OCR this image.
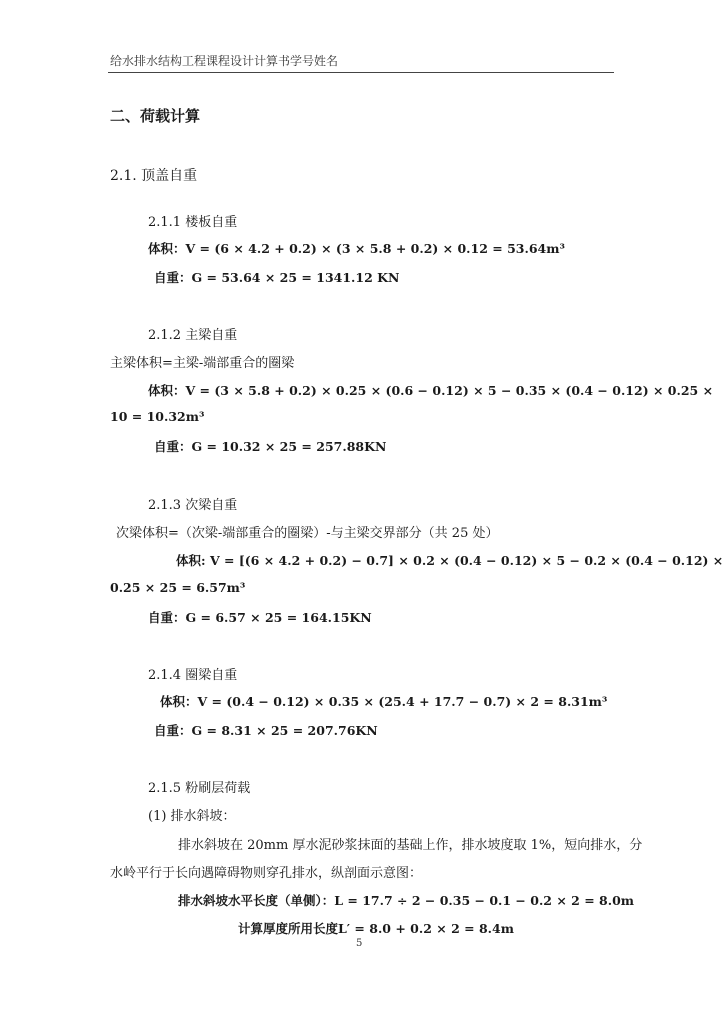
给水排水结构工程课程设计计算书学号姓名
二、荷载计算
2.1. 顶盖自重
2.1.1 楼板自重
体积：V = (6 × 4.2 + 0.2) × (3 × 5.8 + 0.2) × 0.12 = 53.64m³
自重：G = 53.64 × 25 = 1341.12 KN
2.1.2 主梁自重
主梁体积=主梁-端部重合的圈梁
体积：V = (3 × 5.8 + 0.2) × 0.25 × (0.6 − 0.12) × 5 − 0.35 × (0.4 − 0.12) × 0.25 ×
10 = 10.32m³
自重：G = 10.32 × 25 = 257.88KN
2.1.3 次梁自重
次梁体积=（次梁-端部重合的圈梁）-与主梁交界部分（共 25 处）
体积: V = [(6 × 4.2 + 0.2) − 0.7] × 0.2 × (0.4 − 0.12) × 5 − 0.2 × (0.4 − 0.12) ×
0.25 × 25 = 6.57m³
自重：G = 6.57 × 25 = 164.15KN
2.1.4 圈梁自重
体积：V = (0.4 − 0.12) × 0.35 × (25.4 + 17.7 − 0.7) × 2 = 8.31m³
自重：G = 8.31 × 25 = 207.76KN
2.1.5 粉刷层荷载
(1) 排水斜坡：
排水斜坡在 20mm 厚水泥砂浆抹面的基础上作，排水坡度取 1%，短向排水，分
水岭平行于长向遇障碍物则穿孔排水，纵剖面示意图：
排水斜坡水平长度（单侧）：L = 17.7 ÷ 2 − 0.35 − 0.1 − 0.2 × 2 = 8.0m
计算厚度所用长度L′ = 8.0 + 0.2 × 2 = 8.4m
5
